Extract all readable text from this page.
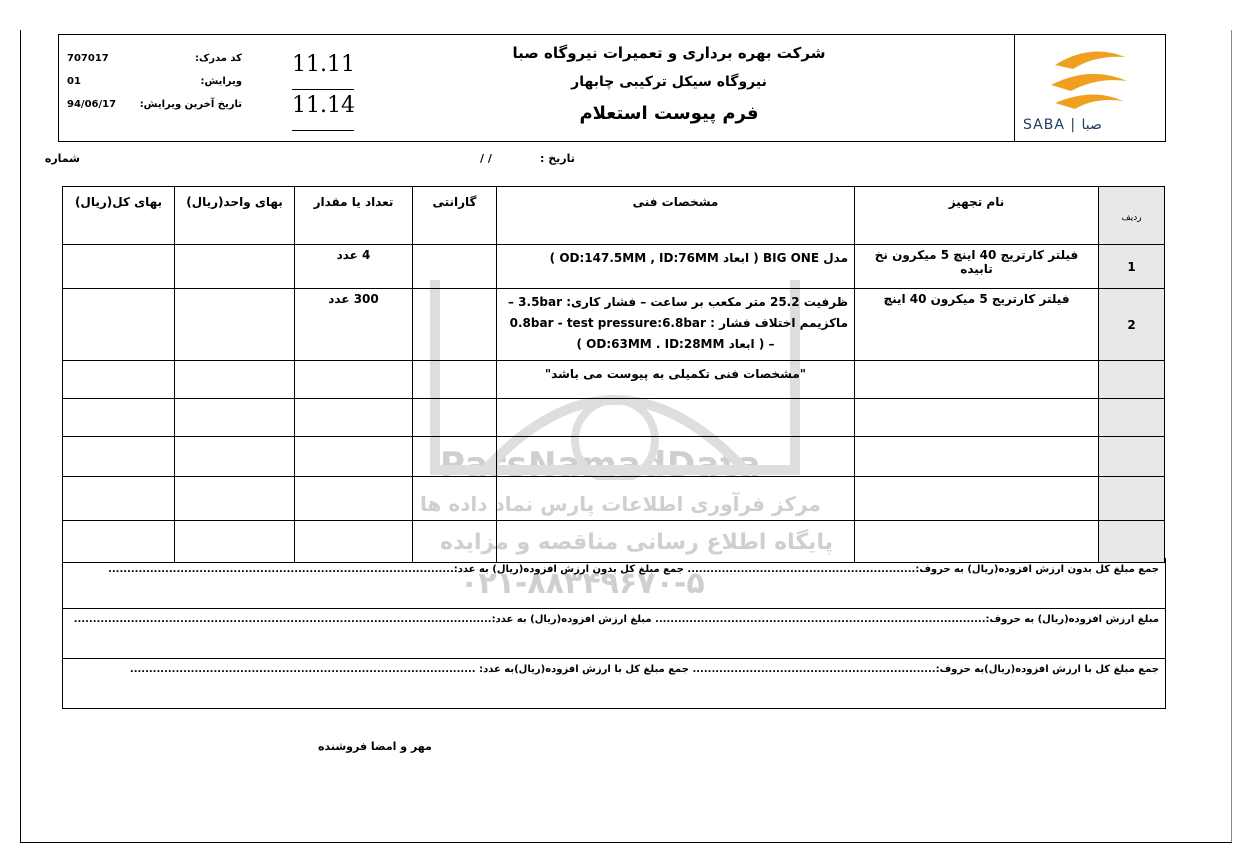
کد مدرک:
707017
ویرایش:
01
تاریخ آخرین ویرایش:
94/06/17
11.11
11.14
شرکت بهره برداری و تعمیرات نیروگاه صبا
نیروگاه سیکل ترکیبی چابهار
فرم پیوست استعلام
SABA | صبا
شماره	/ /	تاریخ :
ParsNamadData
مرکز فرآوری اطلاعات پارس نماد داده ها
پایگاه اطلاع رسانی مناقصه و مزایده
۰۲۱-۸۸۳۴۹۶۷۰-۵
ردیف	نام تجهیز	مشخصات فنی	گارانتی	تعداد یا مقدار	بهای واحد(ریال)	بهای کل(ریال)
1	فیلتر کارتریج 40 اینچ 5 میکرون نخ تابیده	مدل BIG ONE ( ابعاد OD:147.5MM , ID:76MM )		4 عدد		
2	فیلتر کارتریج 5 میکرون 40 اینچ	ظرفیت 25.2 متر مکعب بر ساعت – فشار کاری: 3.5bar –
ماکزیمم اختلاف فشار : 0.8bar - test pressure:6.8bar
– ( ابعاد OD:63MM . ID:28MM )		300 عدد		

		"مشخصات فنی تکمیلی به پیوست می باشد"				

جمع مبلغ کل بدون ارزش افزوده(ریال) به حروف:............................................................ جمع مبلغ کل بدون ارزش افزوده(ریال) به عدد:...........................................................................................
مبلغ ارزش افزوده(ریال) به حروف:....................................................................................... مبلغ ارزش افزوده(ریال) به عدد:..............................................................................................................
جمع مبلغ کل با ارزش افزوده(ریال)به حروف:................................................................ جمع مبلغ کل با ارزش افزوده(ریال)به عدد: ...........................................................................................
مهر و امضا فروشنده
